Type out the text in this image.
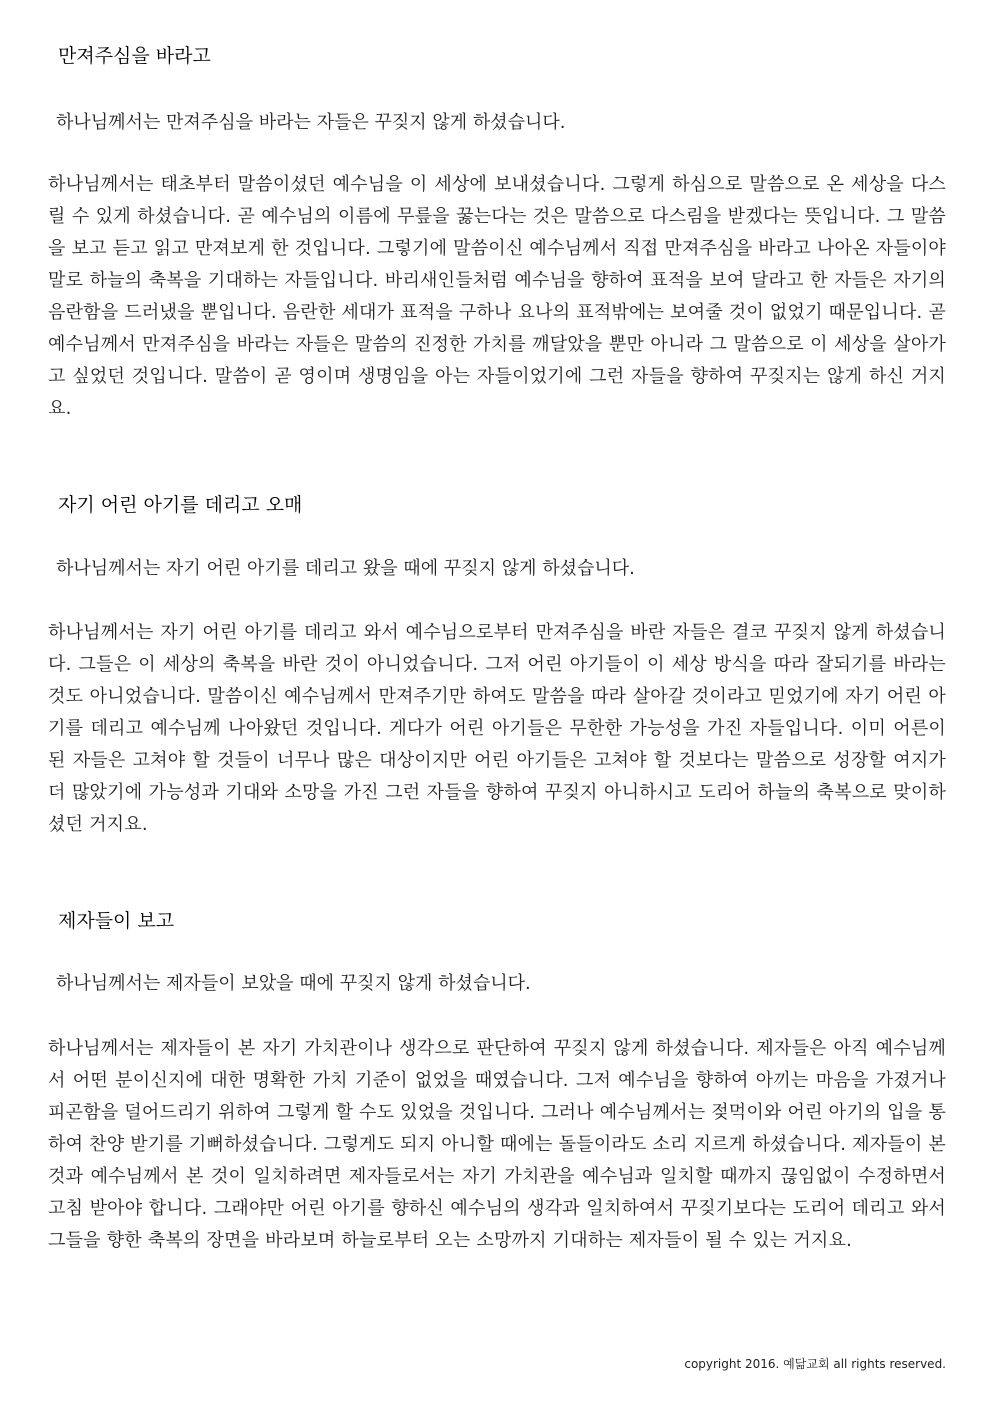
만져주심을 바라고

하나님께서는 만져주심을 바라는 자들은 꾸짖지 않게 하셨습니다.

하나님께서는 태초부터 말씀이셨던 예수님을 이 세상에 보내셨습니다. 그렇게 하심으로 말씀으로 온 세상을 다스릴 수 있게 하셨습니다. 곧 예수님의 이름에 무릎을 꿇는다는 것은 말씀으로 다스림을 받겠다는 뜻입니다. 그 말씀을 보고 듣고 읽고 만져보게 한 것입니다. 그렇기에 말씀이신 예수님께서 직접 만져주심을 바라고 나아온 자들이야말로 하늘의 축복을 기대하는 자들입니다. 바리새인들처럼 예수님을 향하여 표적을 보여 달라고 한 자들은 자기의 음란함을 드러냈을 뿐입니다. 음란한 세대가 표적을 구하나 요나의 표적밖에는 보여줄 것이 없었기 때문입니다. 곧 예수님께서 만져주심을 바라는 자들은 말씀의 진정한 가치를 깨달았을 뿐만 아니라 그 말씀으로 이 세상을 살아가고 싶었던 것입니다. 말씀이 곧 영이며 생명임을 아는 자들이었기에 그런 자들을 향하여 꾸짖지는 않게 하신 거지요.

자기 어린 아기를 데리고 오매

하나님께서는 자기 어린 아기를 데리고 왔을 때에 꾸짖지 않게 하셨습니다.

하나님께서는 자기 어린 아기를 데리고 와서 예수님으로부터 만져주심을 바란 자들은 결코 꾸짖지 않게 하셨습니다. 그들은 이 세상의 축복을 바란 것이 아니었습니다. 그저 어린 아기들이 이 세상 방식을 따라 잘되기를 바라는 것도 아니었습니다. 말씀이신 예수님께서 만져주기만 하여도 말씀을 따라 살아갈 것이라고 믿었기에 자기 어린 아기를 데리고 예수님께 나아왔던 것입니다. 게다가 어린 아기들은 무한한 가능성을 가진 자들입니다. 이미 어른이 된 자들은 고쳐야 할 것들이 너무나 많은 대상이지만 어린 아기들은 고쳐야 할 것보다는 말씀으로 성장할 여지가 더 많았기에 가능성과 기대와 소망을 가진 그런 자들을 향하여 꾸짖지 아니하시고 도리어 하늘의 축복으로 맞이하셨던 거지요.

제자들이 보고

하나님께서는 제자들이 보았을 때에 꾸짖지 않게 하셨습니다.

하나님께서는 제자들이 본 자기 가치관이나 생각으로 판단하여 꾸짖지 않게 하셨습니다. 제자들은 아직 예수님께서 어떤 분이신지에 대한 명확한 가치 기준이 없었을 때였습니다. 그저 예수님을 향하여 아끼는 마음을 가졌거나 피곤함을 덜어드리기 위하여 그렇게 할 수도 있었을 것입니다. 그러나 예수님께서는 젖먹이와 어린 아기의 입을 통하여 찬양 받기를 기뻐하셨습니다. 그렇게도 되지 아니할 때에는 돌들이라도 소리 지르게 하셨습니다. 제자들이 본 것과 예수님께서 본 것이 일치하려면 제자들로서는 자기 가치관을 예수님과 일치할 때까지 끊임없이 수정하면서 고침 받아야 합니다. 그래야만 어린 아기를 향하신 예수님의 생각과 일치하여서 꾸짖기보다는 도리어 데리고 와서 그들을 향한 축복의 장면을 바라보며 하늘로부터 오는 소망까지 기대하는 제자들이 될 수 있는 거지요.

copyright 2016. 예닮교회 all rights reserved.
